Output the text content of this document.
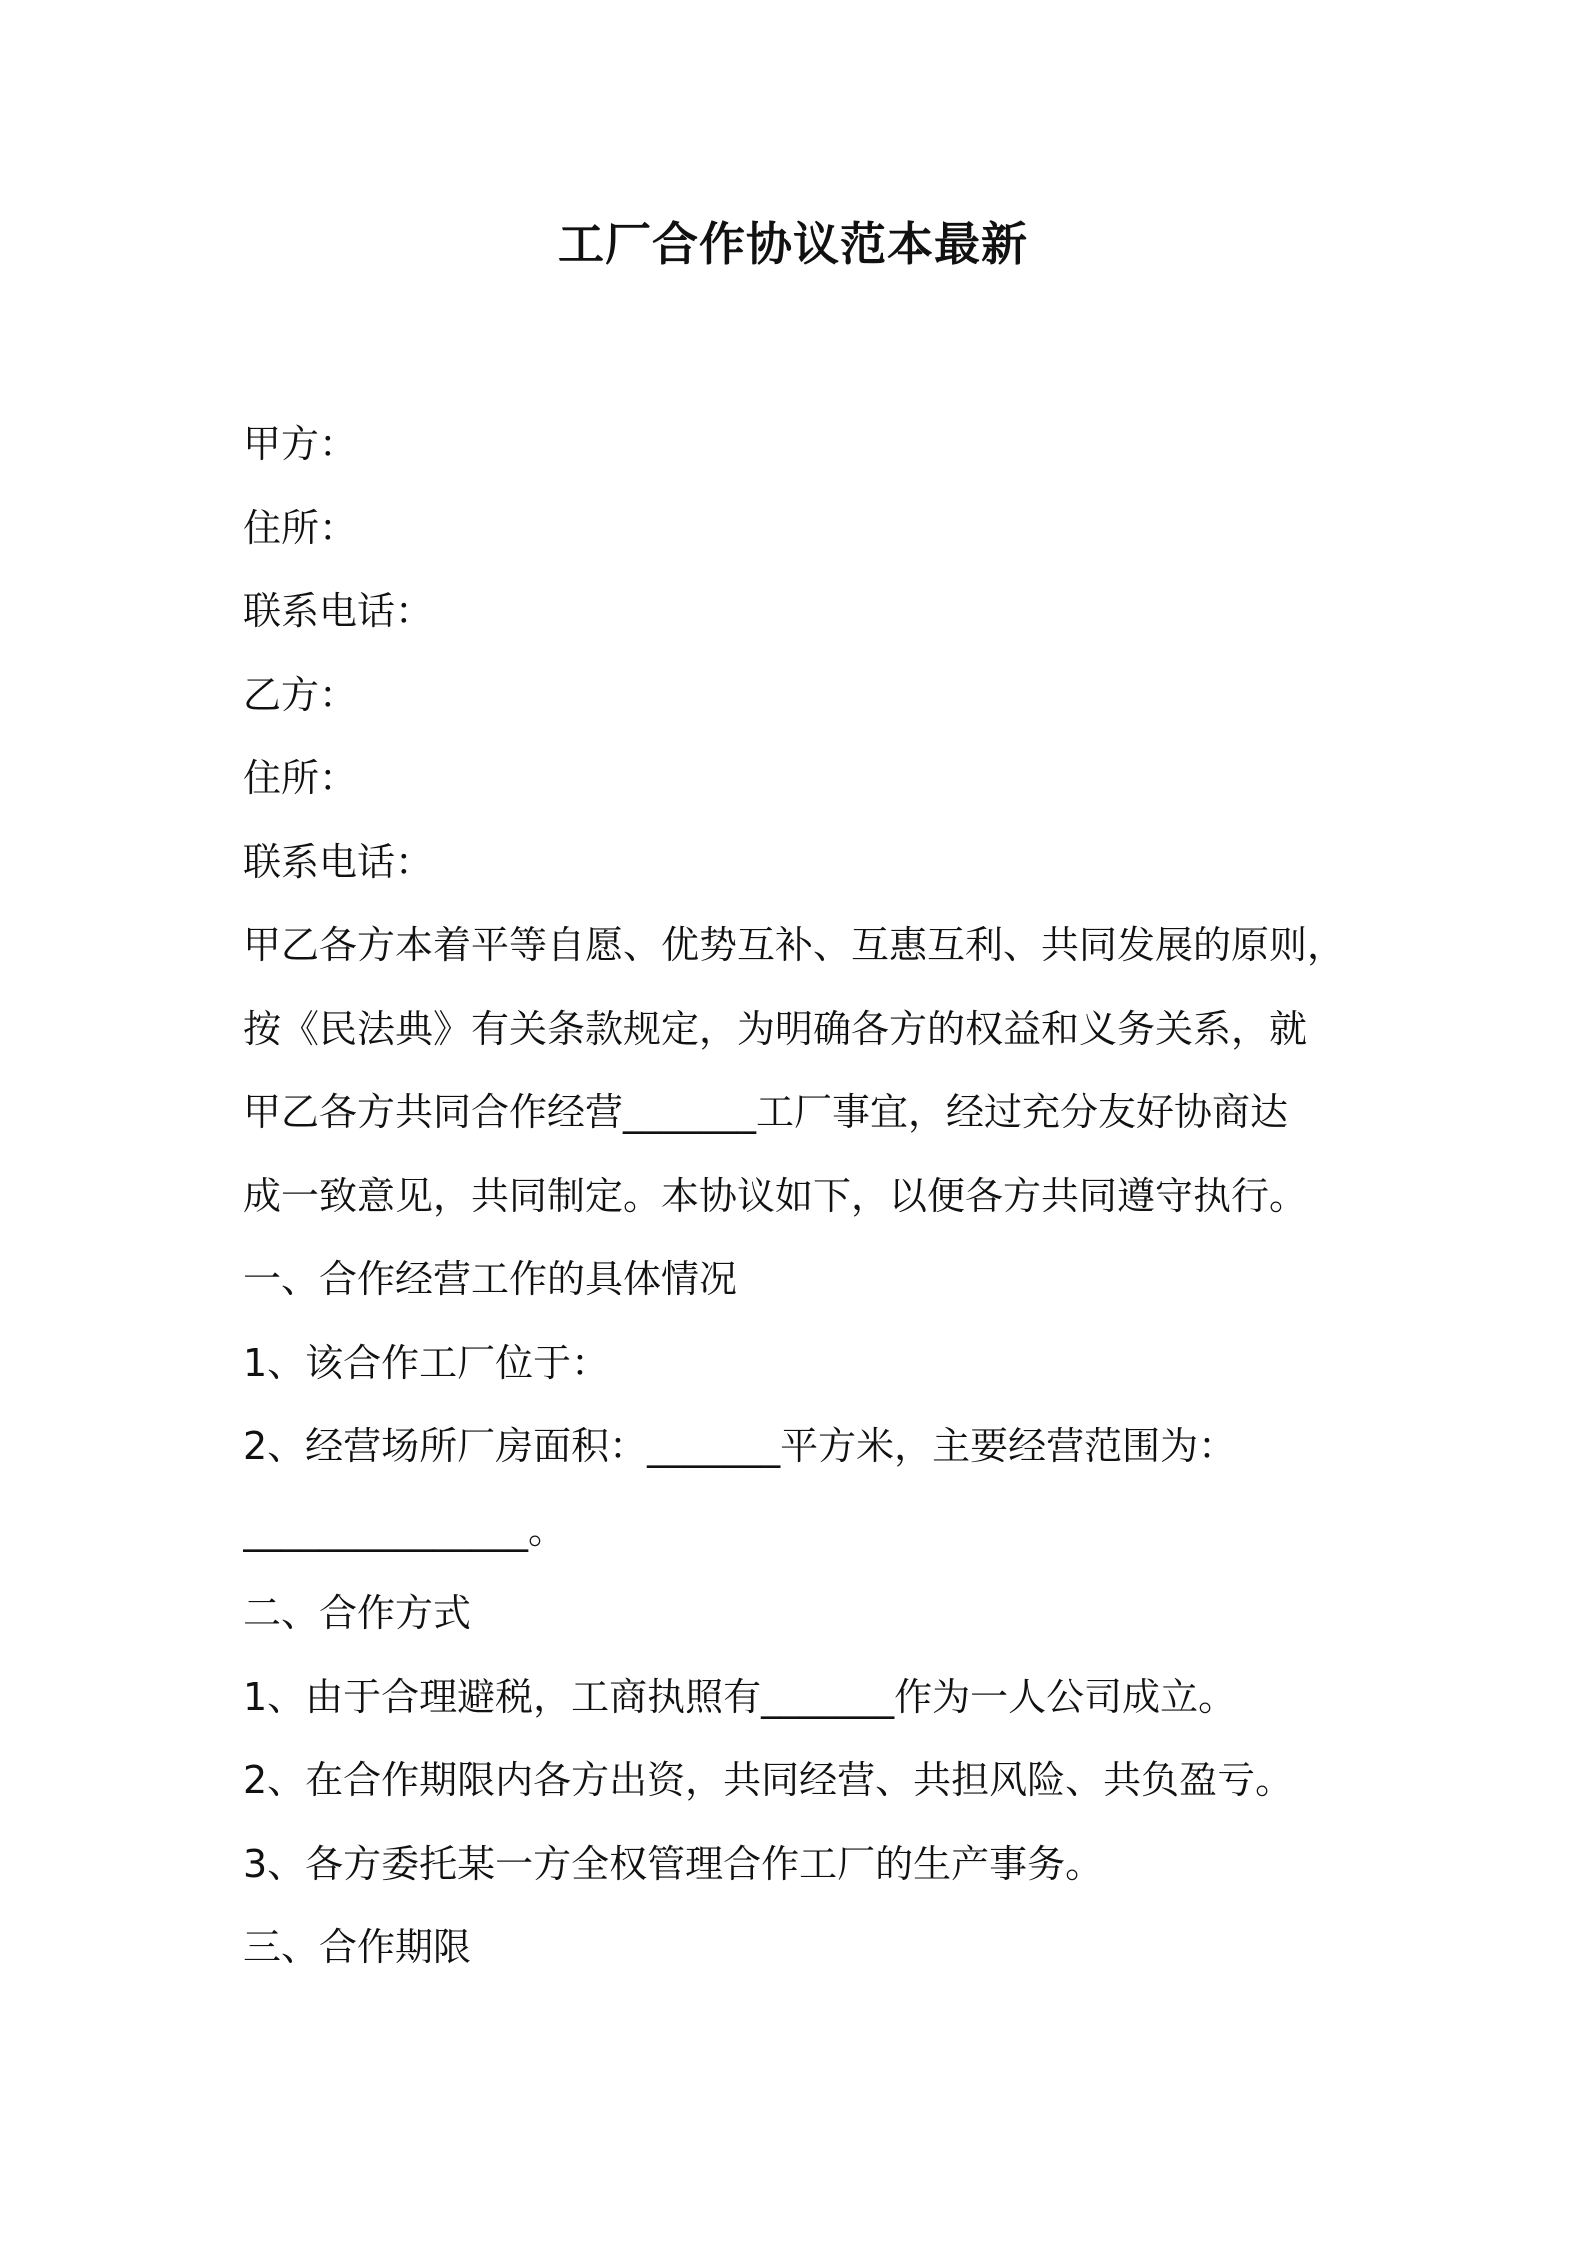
工厂合作协议范本最新
甲方：
住所：
联系电话：
乙方：
住所：
联系电话：
甲乙各方本着平等自愿、优势互补、互惠互利、共同发展的原则，
按《民法典》有关条款规定，为明确各方的权益和义务关系，就
甲乙各方共同合作经营_______工厂事宜，经过充分友好协商达
成一致意见，共同制定。本协议如下，以便各方共同遵守执行。
一、合作经营工作的具体情况
1、该合作工厂位于：
2、经营场所厂房面积：_______平方米，主要经营范围为：
_______________。
二、合作方式
1、由于合理避税，工商执照有_______作为一人公司成立。
2、在合作期限内各方出资，共同经营、共担风险、共负盈亏。
3、各方委托某一方全权管理合作工厂的生产事务。
三、合作期限
